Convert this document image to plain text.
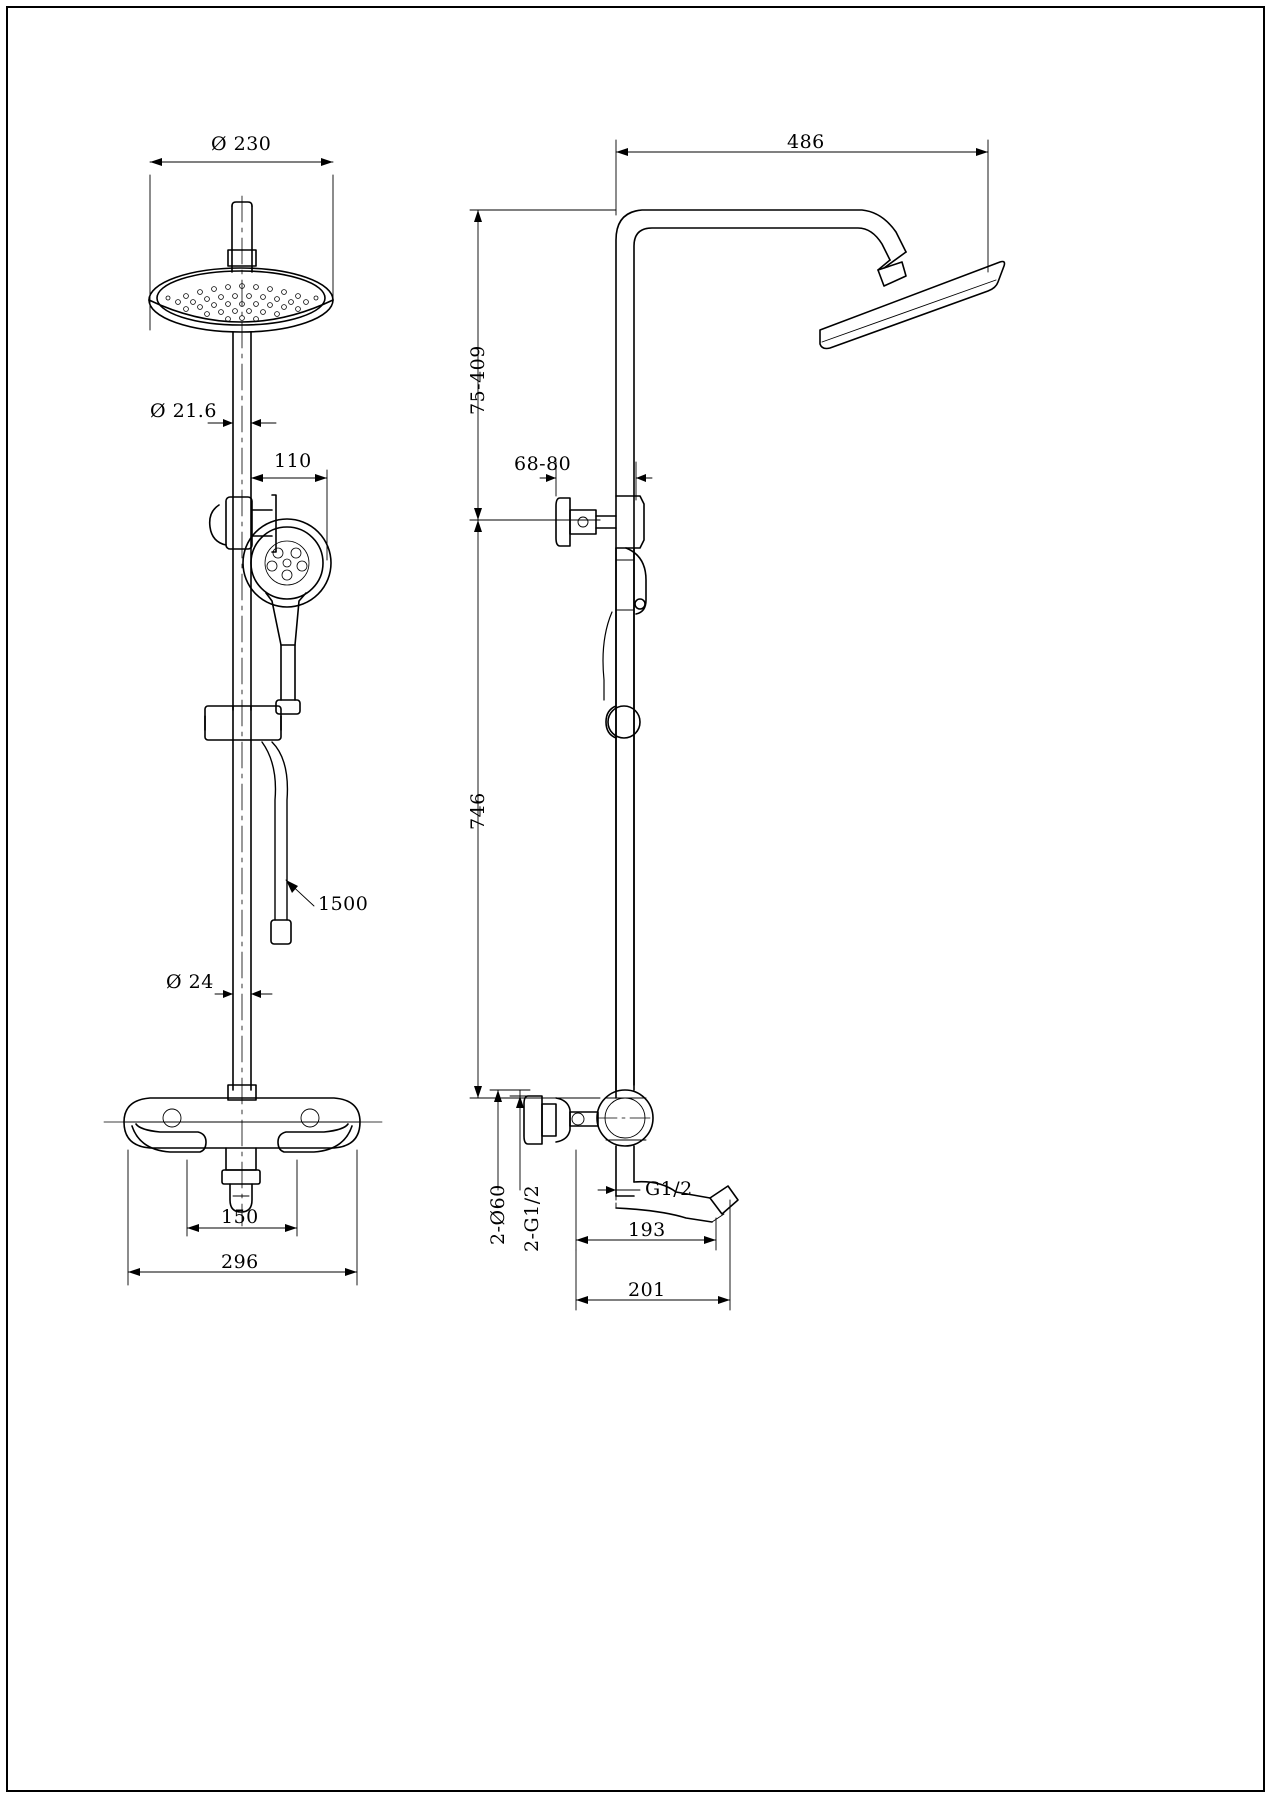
Ø 230
Ø 21.6
110
1500
Ø 24
150
296
486
75-409
68-80
746
2-Ø60 2-G1/2	G1/2
193
201
